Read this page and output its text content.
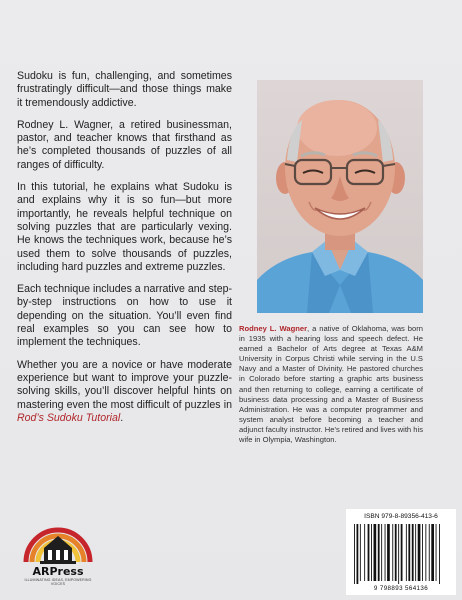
Sudoku is fun, challenging, and sometimes frustratingly difficult—and those things make it tremendously addictive.

Rodney L. Wagner, a retired businessman, pastor, and teacher knows that firsthand as he’s completed thousands of puzzles of all ranges of difficulty.

In this tutorial, he explains what Sudoku is and explains why it is so fun—but more importantly, he reveals helpful technique on solving puzzles that are particularly vexing. He knows the techniques work, because he’s used them to solve thousands of puzzles, including hard puzzles and extreme puzzles.

Each technique includes a narrative and step-by-step instructions on how to use it depending on the situation. You’ll even find real examples so you can see how to implement the techniques.

Whether you are a novice or have moderate experience but want to improve your puzzle-solving skills, you’ll discover helpful hints on mastering even the most difficult of puzzles in Rod’s Sudoku Tutorial.

Rodney L. Wagner, a native of Oklahoma, was born in 1935 with a hearing loss and speech defect. He earned a Bachelor of Arts degree at Texas A&M University in Corpus Christi while serving in the U.S Navy and a Master of Divinity. He pastored churches in Colorado before starting a graphic arts business and then returning to college, earning a certificate of business data processing and a Master of Business Administration. He was a computer programmer and system analyst before becoming a teacher and adjunct faculty instructor. He’s retired and lives with his wife in Olympia, Washington.
ARPress
ILLUMINATING IDEAS, EMPOWERING VOICES
ISBN 979-8-89356-413-6
9 798893 564136
